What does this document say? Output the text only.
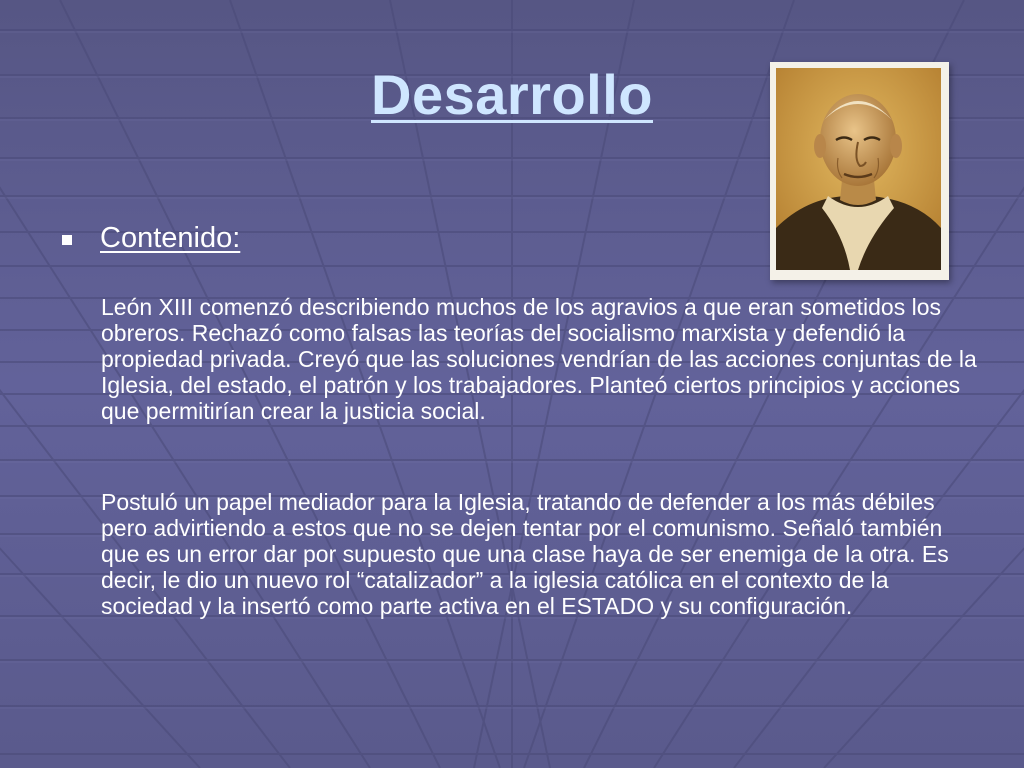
Desarrollo
Contenido:

León XIII comenzó describiendo muchos de los agravios a que eran sometidos los obreros. Rechazó como falsas las teorías del socialismo marxista y defendió la propiedad privada. Creyó que las soluciones vendrían de las acciones conjuntas de la Iglesia, del estado, el patrón y los trabajadores. Planteó ciertos principios y acciones que permitirían crear la justicia social.

Postuló un papel mediador para la Iglesia, tratando de defender a los más débiles pero advirtiendo a estos que no se dejen tentar por el comunismo. Señaló también que es un error dar por supuesto que una clase haya de ser enemiga de la otra. Es decir, le dio un nuevo rol “catalizador” a la iglesia católica en el contexto de la sociedad y la insertó como parte activa en el ESTADO y su configuración.
